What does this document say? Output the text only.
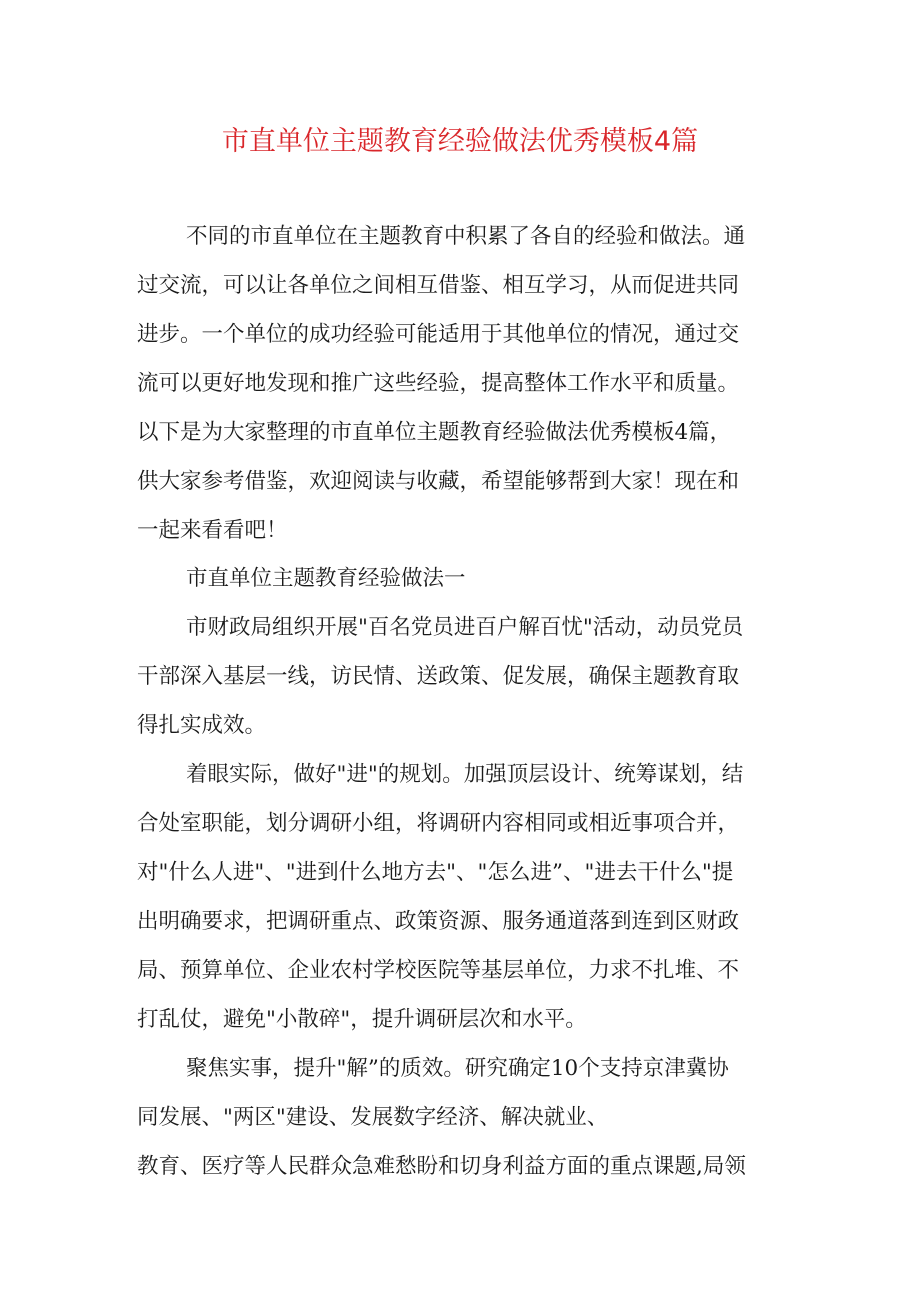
市直单位主题教育经验做法优秀模板4篇
不同的市直单位在主题教育中积累了各自的经验和做法。通
过交流，可以让各单位之间相互借鉴、相互学习，从而促进共同
进步。一个单位的成功经验可能适用于其他单位的情况，通过交
流可以更好地发现和推广这些经验，提高整体工作水平和质量。
以下是为大家整理的市直单位主题教育经验做法优秀模板4篇，
供大家参考借鉴，欢迎阅读与收藏，希望能够帮到大家！现在和
一起来看看吧！
市直单位主题教育经验做法一
市财政局组织开展"百名党员进百户解百忧"活动，动员党员
干部深入基层一线，访民情、送政策、促发展，确保主题教育取
得扎实成效。
着眼实际，做好"进"的规划。加强顶层设计、统筹谋划，结
合处室职能，划分调研小组，将调研内容相同或相近事项合并，
对"什么人进"、"进到什么地方去"、"怎么进”、"进去干什么"提
出明确要求，把调研重点、政策资源、服务通道落到连到区财政
局、预算单位、企业农村学校医院等基层单位，力求不扎堆、不
打乱仗，避免"小散碎"，提升调研层次和水平。
聚焦实事，提升"解”的质效。研究确定10个支持京津冀协
同发展、"两区"建设、发展数字经济、解决就业、
教育、医疗等人民群众急难愁盼和切身利益方面的重点课题,局领
